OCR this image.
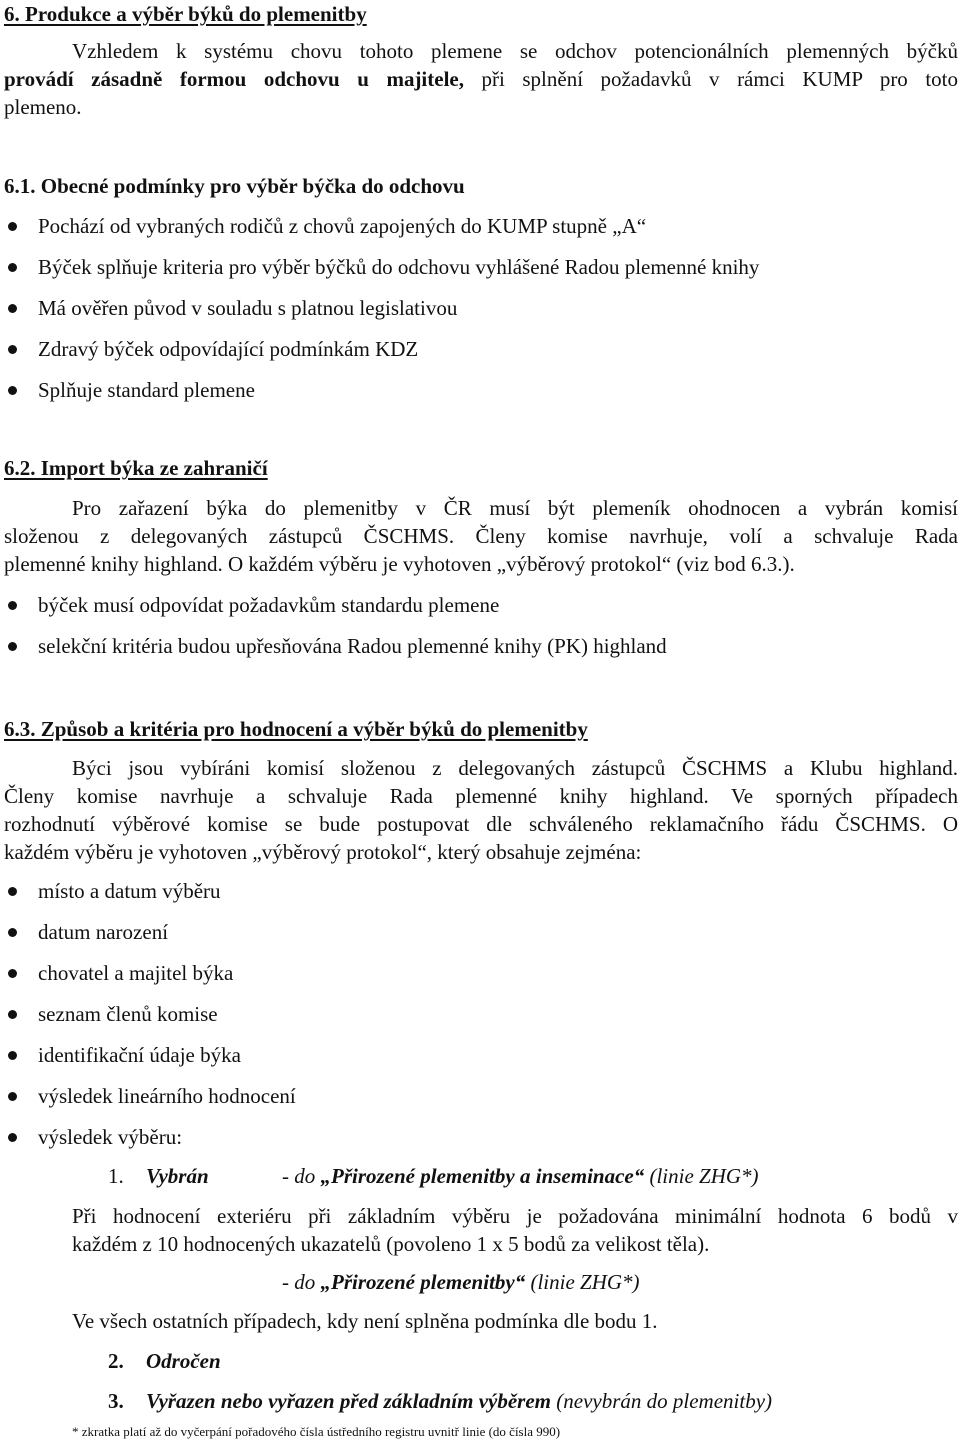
6. Produkce a výběr býků do plemenitby
Vzhledem k systému chovu tohoto plemene se odchov potencionálních plemenných býčků
provádí zásadně formou odchovu u majitele, při splnění požadavků v rámci KUMP pro toto
plemeno.
6.1. Obecné podmínky pro výběr býčka do odchovu
Pochází od vybraných rodičů z chovů zapojených do KUMP stupně „A“
Býček splňuje kriteria pro výběr býčků do odchovu vyhlášené Radou plemenné knihy
Má ověřen původ v souladu s platnou legislativou
Zdravý býček odpovídající podmínkám KDZ
Splňuje standard plemene
6.2. Import býka ze zahraničí
Pro zařazení býka do plemenitby v ČR musí být plemeník ohodnocen a vybrán komisí
složenou z delegovaných zástupců ČSCHMS. Členy komise navrhuje, volí a schvaluje Rada
plemenné knihy highland. O každém výběru je vyhotoven „výběrový protokol“ (viz bod 6.3.).
býček musí odpovídat požadavkům standardu plemene
selekční kritéria budou upřesňována Radou plemenné knihy (PK) highland
6.3. Způsob a kritéria pro hodnocení a výběr býků do plemenitby
Býci jsou vybíráni komisí složenou z delegovaných zástupců ČSCHMS a Klubu highland.
Členy komise navrhuje a schvaluje Rada plemenné knihy highland. Ve sporných případech
rozhodnutí výběrové komise se bude postupovat dle schváleného reklamačního řádu ČSCHMS. O
každém výběru je vyhotoven „výběrový protokol“, který obsahuje zejména:
místo a datum výběru
datum narození
chovatel a majitel býka
seznam členů komise
identifikační údaje býka
výsledek lineárního hodnocení
výsledek výběru:
1. Vybrán	- do „Přirozené plemenitby a inseminace“ (linie ZHG*)
Při hodnocení exteriéru při základním výběru je požadována minimální hodnota 6 bodů v
každém z 10 hodnocených ukazatelů (povoleno 1 x 5 bodů za velikost těla).
- do „Přirozené plemenitby“ (linie ZHG*)
Ve všech ostatních případech, kdy není splněna podmínka dle bodu 1.
2. Odročen
3. Vyřazen nebo vyřazen před základním výběrem (nevybrán do plemenitby)
* zkratka platí až do vyčerpání pořadového čísla ústředního registru uvnitř linie (do čísla 990)
